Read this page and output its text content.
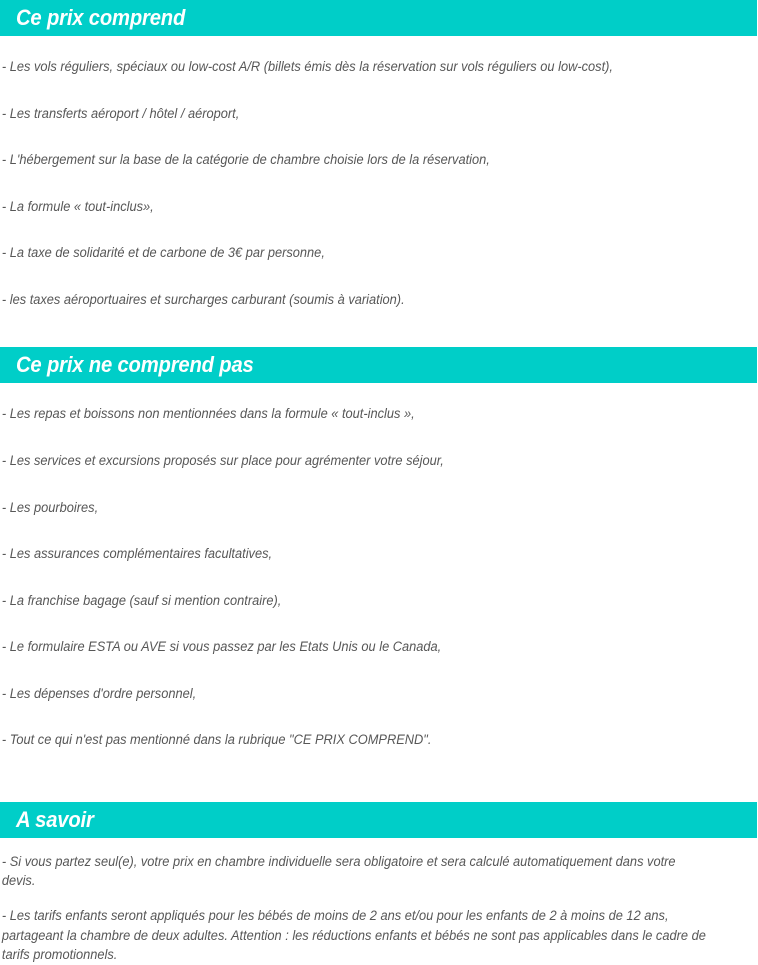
Ce prix comprend
- Les vols réguliers, spéciaux ou low-cost A/R (billets émis dès la réservation sur vols réguliers ou low-cost),
- Les transferts aéroport / hôtel / aéroport,
- L'hébergement sur la base de la catégorie de chambre choisie lors de la réservation,
- La formule « tout-inclus»,
- La taxe de solidarité et de carbone de 3€ par personne,
- les taxes aéroportuaires et surcharges carburant (soumis à variation).
Ce prix ne comprend pas
- Les repas et boissons non mentionnées dans la formule « tout-inclus »,
- Les services et excursions proposés sur place pour agrémenter votre séjour,
- Les pourboires,
- Les assurances complémentaires facultatives,
- La franchise bagage (sauf si mention contraire),
- Le formulaire ESTA ou AVE si vous passez par les Etats Unis ou le Canada,
- Les dépenses d'ordre personnel,
- Tout ce qui n'est pas mentionné dans la rubrique "CE PRIX COMPREND".
A savoir
- Si vous partez seul(e), votre prix en chambre individuelle sera obligatoire et sera calculé automatiquement dans votre devis.
- Les tarifs enfants seront appliqués pour les bébés de moins de 2 ans et/ou pour les enfants de 2 à moins de 12 ans, partageant la chambre de deux adultes. Attention : les réductions enfants et bébés ne sont pas applicables dans le cadre de tarifs promotionnels.
